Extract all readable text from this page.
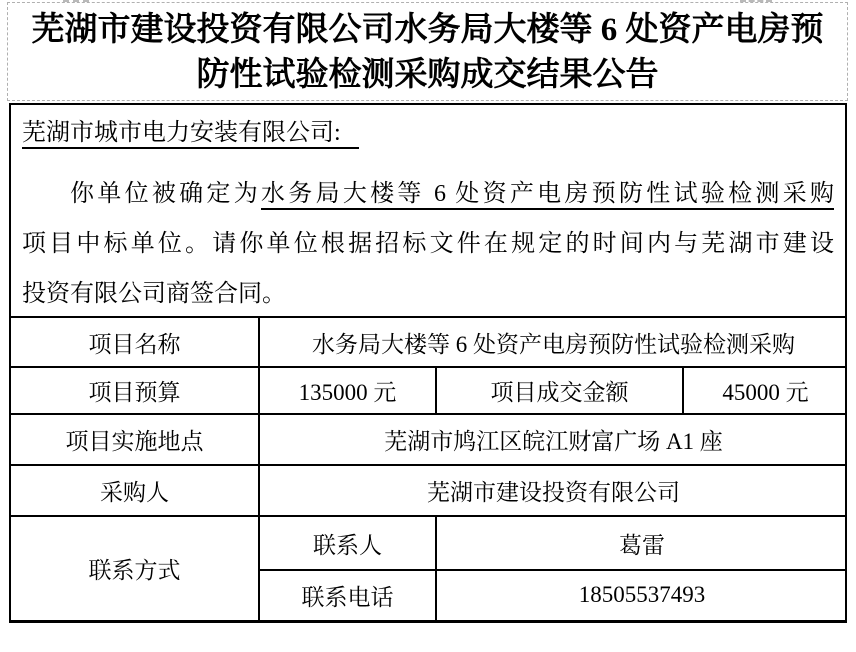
芜湖市建设投资有限公司水务局大楼等 6 处资产电房预
防性试验检测采购成交结果公告

芜湖市城市电力安装有限公司:

你单位被确定为水务局大楼等 6 处资产电房预防性试验检测采购

项目中标单位。请你单位根据招标文件在规定的时间内与芜湖市建设

投资有限公司商签合同。

项目名称	水务局大楼等 6 处资产电房预防性试验检测采购		
项目预算	135000 元	项目成交金额	45000 元
项目实施地点	芜湖市鸠江区皖江财富广场 A1 座		
采购人	芜湖市建设投资有限公司		
联系方式	联系人	葛雷	
	联系电话	18505537493	
